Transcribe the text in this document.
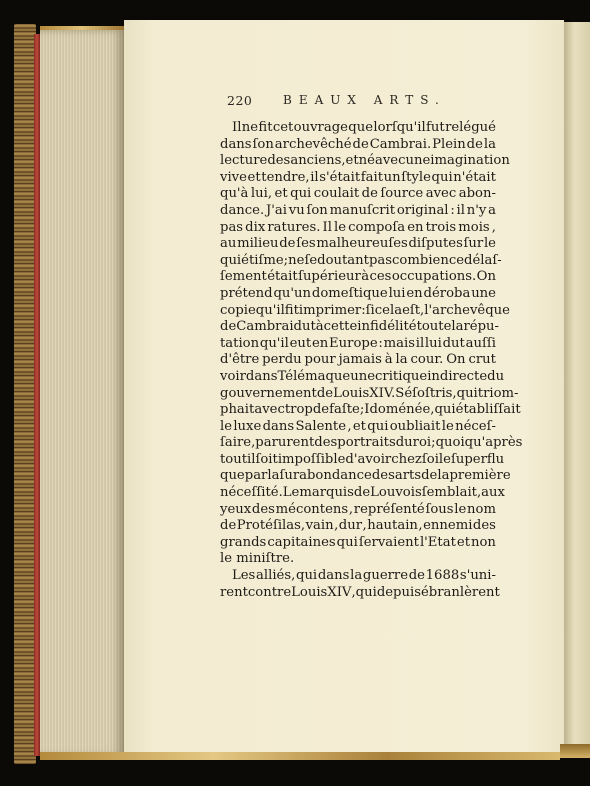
220	BEAUX ARTS.
Il ne fit cet ouvrage que lorſqu'il fut relégué
dans ſon archevêché de Cambrai. Plein de la
lecture des anciens, et né avec une imagination
vive et tendre, il s'était fait un ſtyle qui n'était
qu'à lui, et qui coulait de ſource avec abon-
dance. J'ai vu ſon manuſcrit original : il n'y a
pas dix ratures. Il le compoſa en trois mois ,
au milieu de ſes malheureuſes diſputes ſur le
quiétiſme ; ne ſe doutant pas combien ce délaſ-
ſement était ſupérieur à ces occupations. On
prétend qu'un domeſtique lui en déroba une
copie qu'il fit imprimer : ſi cela eſt, l'archevêque
de Cambrai dut à cette infidélité toute la répu-
tation qu'il eut en Europe : mais il lui dut auſſi
d'être perdu pour jamais à la cour. On crut
voir dans Télémaque une critique indirecte du
gouvernement de Louis XIV. Séſoſtris, qui triom-
phait avec trop de faſte ; Idoménée, qui établiſſait
le luxe dans Salente , et qui oubliait le néceſ-
ſaire, parurent des portraits du roi ; quoiqu'après
tout il ſoit impoſſible d'avoir chez ſoi le ſuperflu
que par la ſurabondance des arts de la première
néceſſité. Le marquis de Louvois ſemblait, aux
yeux des mécontens , repréſenté ſous le nom
de Protéſilas, vain , dur , hautain , ennemi des
grands capitaines qui ſervaient l'Etat et non
le miniſtre.
Les alliés, qui dans la guerre de 1688 s'uni-
rent contre Louis XIV , qui depuis ébranlèrent
